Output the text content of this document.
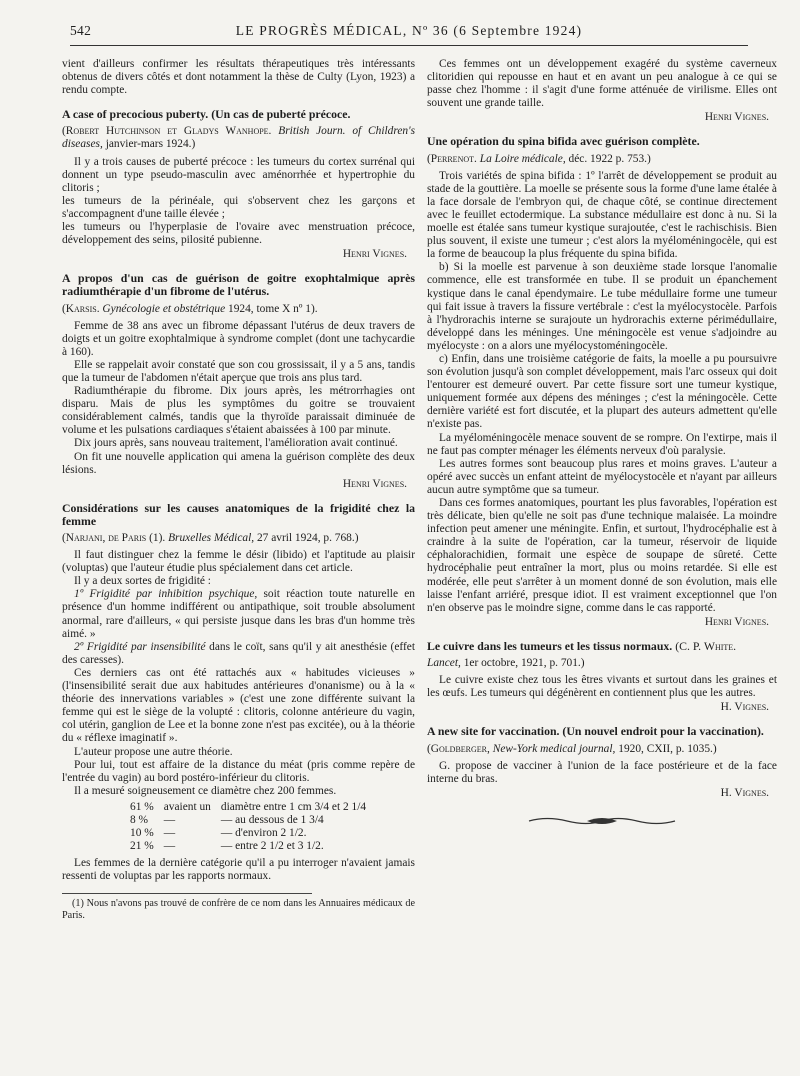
542	LE PROGRÈS MÉDICAL, Nº 36 (6 Septembre 1924)

vient d'ailleurs confirmer les résultats thérapeutiques très intéressants obtenus de divers côtés et dont notamment la thèse de Culty (Lyon, 1923) a rendu compte.

A case of precocious puberty. (Un cas de puberté précoce.

(Robert Hutchinson et Gladys Wanhope. British Journ. of Children's diseases, janvier-mars 1924.)

Il y a trois causes de puberté précoce : les tumeurs du cortex surrénal qui donnent un type pseudo-masculin avec aménorrhée et hypertrophie du clitoris ;

les tumeurs de la périnéale, qui s'observent chez les garçons et s'accompagnent d'une taille élevée ;

les tumeurs ou l'hyperplasie de l'ovaire avec menstruation précoce, développement des seins, pilosité pubienne.

Henri Vignes.

A propos d'un cas de guérison de goitre exophtalmique après radiumthérapie d'un fibrome de l'utérus.

(Karsis. Gynécologie et obstétrique 1924, tome X nº 1).

Femme de 38 ans avec un fibrome dépassant l'utérus de deux travers de doigts et un goitre exophtalmique à syndrome complet (dont une tachycardie à 160).

Elle se rappelait avoir constaté que son cou grossissait, il y a 5 ans, tandis que la tumeur de l'abdomen n'était aperçue que trois ans plus tard.

Radiumthérapie du fibrome. Dix jours après, les métrorrhagies ont disparu. Mais de plus les symptômes du goitre se trouvaient considérablement calmés, tandis que la thyroïde paraissait diminuée de volume et les pulsations cardiaques s'étaient abaissées à 100 par minute.

Dix jours après, sans nouveau traitement, l'amélioration avait continué.

On fit une nouvelle application qui amena la guérison complète des deux lésions.

Henri Vignes.

Considérations sur les causes anatomiques de la frigidité chez la femme

(Narjani, de Paris (1). Bruxelles Médical, 27 avril 1924, p. 768.)

Il faut distinguer chez la femme le désir (libido) et l'aptitude au plaisir (voluptas) que l'auteur étudie plus spécialement dans cet article.

Il y a deux sortes de frigidité :

1º Frigidité par inhibition psychique, soit réaction toute naturelle en présence d'un homme indifférent ou antipathique, soit trouble absolument anormal, rare d'ailleurs, « qui persiste jusque dans les bras d'un homme très aimé. »

2º Frigidité par insensibilité dans le coït, sans qu'il y ait anesthésie (effet des caresses).

Ces derniers cas ont été rattachés aux « habitudes vicieuses » (l'insensibilité serait due aux habitudes antérieures d'onanisme) ou à la « théorie des innervations variables » (c'est une zone différente suivant la femme qui est le siège de la volupté : clitoris, colonne antérieure du vagin, col utérin, ganglion de Lee et la bonne zone n'est pas excitée), ou à la théorie du « réflexe imaginatif ».

L'auteur propose une autre théorie.

Pour lui, tout est affaire de la distance du méat (pris comme repère de l'entrée du vagin) au bord postéro-inférieur du clitoris.

Il a mesuré soigneusement ce diamètre chez 200 femmes.

61 %	avaient un	diamètre entre 1 cm 3/4 et 2 1/4
8 %	—	— au dessous de 1 3/4
10 %	—	— d'environ 2 1/2.
21 %	—	— entre 2 1/2 et 3 1/2.

Les femmes de la dernière catégorie qu'il a pu interroger n'avaient jamais ressenti de voluptas par les rapports normaux.

(1) Nous n'avons pas trouvé de confrère de ce nom dans les Annuaires médicaux de Paris.

Ces femmes ont un développement exagéré du système caverneux clitoridien qui repousse en haut et en avant un peu analogue à ce qui se passe chez l'homme : il s'agit d'une forme atténuée de virilisme. Elles ont souvent une grande taille.

Henri Vignes.

Une opération du spina bifida avec guérison complète.

(Perrenot. La Loire médicale, déc. 1922 p. 753.)

Trois variétés de spina bifida : 1º l'arrêt de développement se produit au stade de la gouttière. La moelle se présente sous la forme d'une lame étalée à la face dorsale de l'embryon qui, de chaque côté, se continue directement avec le feuillet ectodermique. La substance médullaire est donc à nu. Si la moelle est étalée sans tumeur kystique surajoutée, c'est le rachischisis. Bien plus souvent, il existe une tumeur ; c'est alors la myéloméningocèle, qui est la forme de beaucoup la plus fréquente du spina bifida.

b) Si la moelle est parvenue à son deuxième stade lorsque l'anomalie commence, elle est transformée en tube. Il se produit un épanchement kystique dans le canal épendymaire. Le tube médullaire forme une tumeur qui fait issue à travers la fissure vertébrale : c'est la myélocystocèle. Parfois à l'hydrorachis interne se surajoute un hydrorachis externe périmédullaire, développé dans les méninges. Une méningocèle est venue s'adjoindre au myélocyste : on a alors une myélocystoméningocèle.

c) Enfin, dans une troisième catégorie de faits, la moelle a pu poursuivre son évolution jusqu'à son complet développement, mais l'arc osseux qui doit l'entourer est demeuré ouvert. Par cette fissure sort une tumeur kystique, uniquement formée aux dépens des méninges ; c'est la méningocèle. Cette dernière variété est fort discutée, et la plupart des auteurs admettent qu'elle n'existe pas.

La myéloméningocèle menace souvent de se rompre. On l'extirpe, mais il ne faut pas compter ménager les éléments nerveux d'où paralysie.

Les autres formes sont beaucoup plus rares et moins graves. L'auteur a opéré avec succès un enfant atteint de myélocystocèle et n'ayant par ailleurs aucun autre symptôme que sa tumeur.

Dans ces formes anatomiques, pourtant les plus favorables, l'opération est très délicate, bien qu'elle ne soit pas d'une technique malaisée. La moindre infection peut amener une méningite. Enfin, et surtout, l'hydrocéphalie est à craindre à la suite de l'opération, car la tumeur, réservoir de liquide céphalorachidien, formait une espèce de soupape de sûreté. Cette hydrocéphalie peut entraîner la mort, plus ou moins retardée. Si elle est modérée, elle peut s'arrêter à un moment donné de son évolution, mais elle laisse l'enfant arriéré, presque idiot. Il est vraiment exceptionnel que l'on n'en observe pas le moindre signe, comme dans le cas rapporté.

Henri Vignes.

Le cuivre dans les tumeurs et les tissus normaux. (C. P. White.

Lancet, 1er octobre, 1921, p. 701.)

Le cuivre existe chez tous les êtres vivants et surtout dans les graines et les œufs. Les tumeurs qui dégénèrent en contiennent plus que les autres.

H. Vignes.

A new site for vaccination. (Un nouvel endroit pour la vaccination).

(Goldberger, New-York medical journal, 1920, CXII, p. 1035.)

G. propose de vacciner à l'union de la face postérieure et de la face interne du bras.

H. Vignes.
